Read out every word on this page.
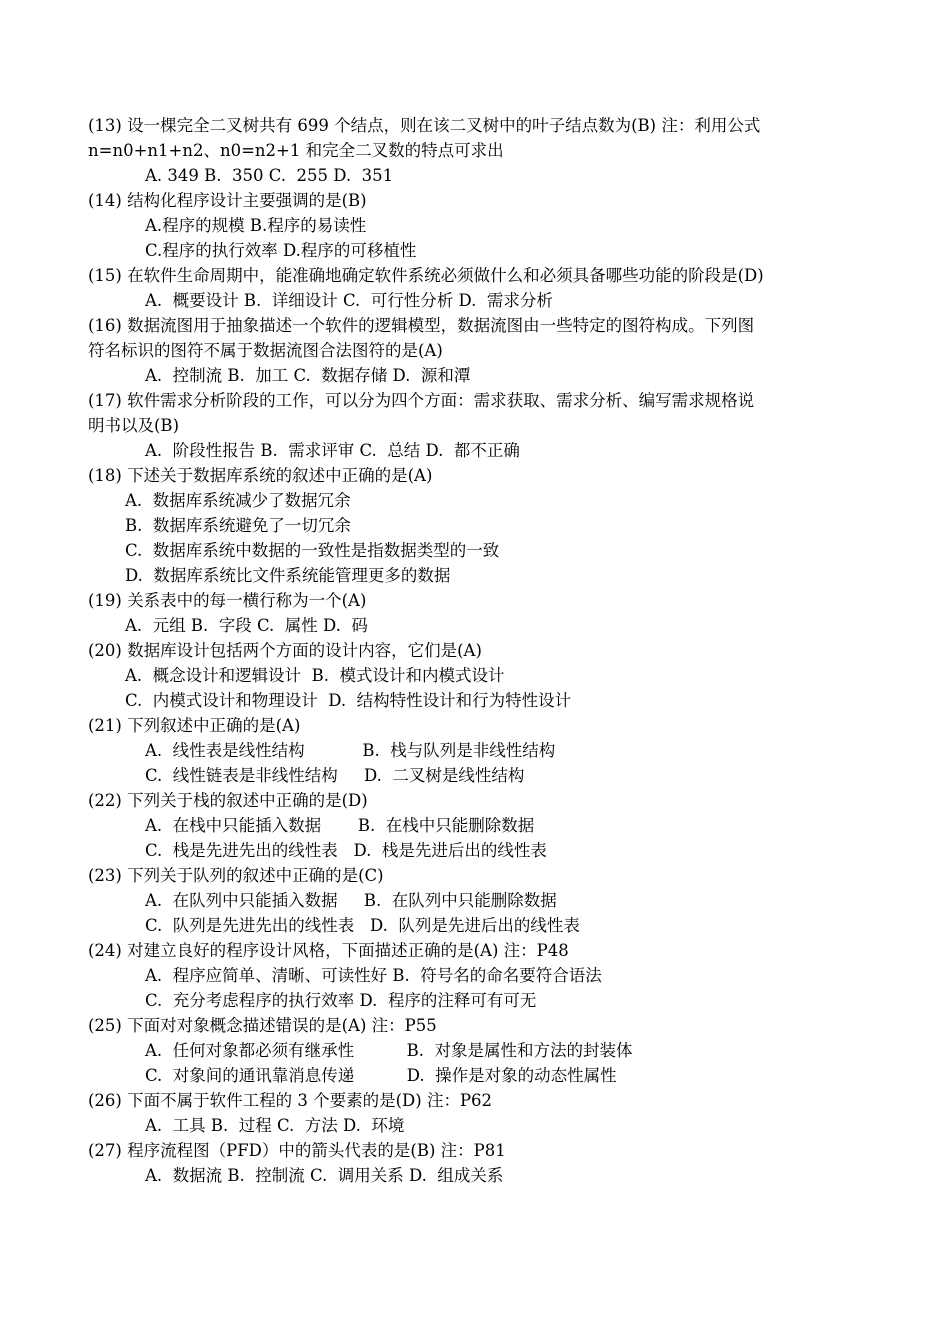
(13) 设一棵完全二叉树共有 699 个结点，则在该二叉树中的叶子结点数为(B) 注：利用公式
n=n0+n1+n2、n0=n2+1 和完全二叉数的特点可求出
A. 349 B.  350 C.  255 D.  351
(14) 结构化程序设计主要强调的是(B)
A.程序的规模 B.程序的易读性
C.程序的执行效率 D.程序的可移植性
(15) 在软件生命周期中，能准确地确定软件系统必须做什么和必须具备哪些功能的阶段是(D)
A.  概要设计 B.  详细设计 C.  可行性分析 D.  需求分析
(16) 数据流图用于抽象描述一个软件的逻辑模型，数据流图由一些特定的图符构成。下列图
符名标识的图符不属于数据流图合法图符的是(A)
A.  控制流 B.  加工 C.  数据存储 D.  源和潭
(17) 软件需求分析阶段的工作，可以分为四个方面：需求获取、需求分析、编写需求规格说
明书以及(B)
A.  阶段性报告 B.  需求评审 C.  总结 D.  都不正确
(18) 下述关于数据库系统的叙述中正确的是(A)
A.  数据库系统减少了数据冗余
B.  数据库系统避免了一切冗余
C.  数据库系统中数据的一致性是指数据类型的一致
D.  数据库系统比文件系统能管理更多的数据
(19) 关系表中的每一横行称为一个(A)
A.  元组 B.  字段 C.  属性 D.  码
(20) 数据库设计包括两个方面的设计内容，它们是(A)
A.  概念设计和逻辑设计  B.  模式设计和内模式设计
C.  内模式设计和物理设计  D.  结构特性设计和行为特性设计
(21) 下列叙述中正确的是(A)
A.  线性表是线性结构           B.  栈与队列是非线性结构
C.  线性链表是非线性结构     D.  二叉树是线性结构
(22) 下列关于栈的叙述中正确的是(D)
A.  在栈中只能插入数据       B.  在栈中只能删除数据
C.  栈是先进先出的线性表   D.  栈是先进后出的线性表
(23) 下列关于队列的叙述中正确的是(C)
A.  在队列中只能插入数据     B.  在队列中只能删除数据
C.  队列是先进先出的线性表   D.  队列是先进后出的线性表
(24) 对建立良好的程序设计风格，下面描述正确的是(A) 注：P48
A.  程序应简单、清晰、可读性好 B.  符号名的命名要符合语法
C.  充分考虑程序的执行效率 D.  程序的注释可有可无
(25) 下面对对象概念描述错误的是(A) 注：P55
A.  任何对象都必须有继承性          B.  对象是属性和方法的封装体
C.  对象间的通讯靠消息传递          D.  操作是对象的动态性属性
(26) 下面不属于软件工程的 3 个要素的是(D) 注：P62
A.  工具 B.  过程 C.  方法 D.  环境
(27) 程序流程图（PFD）中的箭头代表的是(B) 注：P81
A.  数据流 B.  控制流 C.  调用关系 D.  组成关系
